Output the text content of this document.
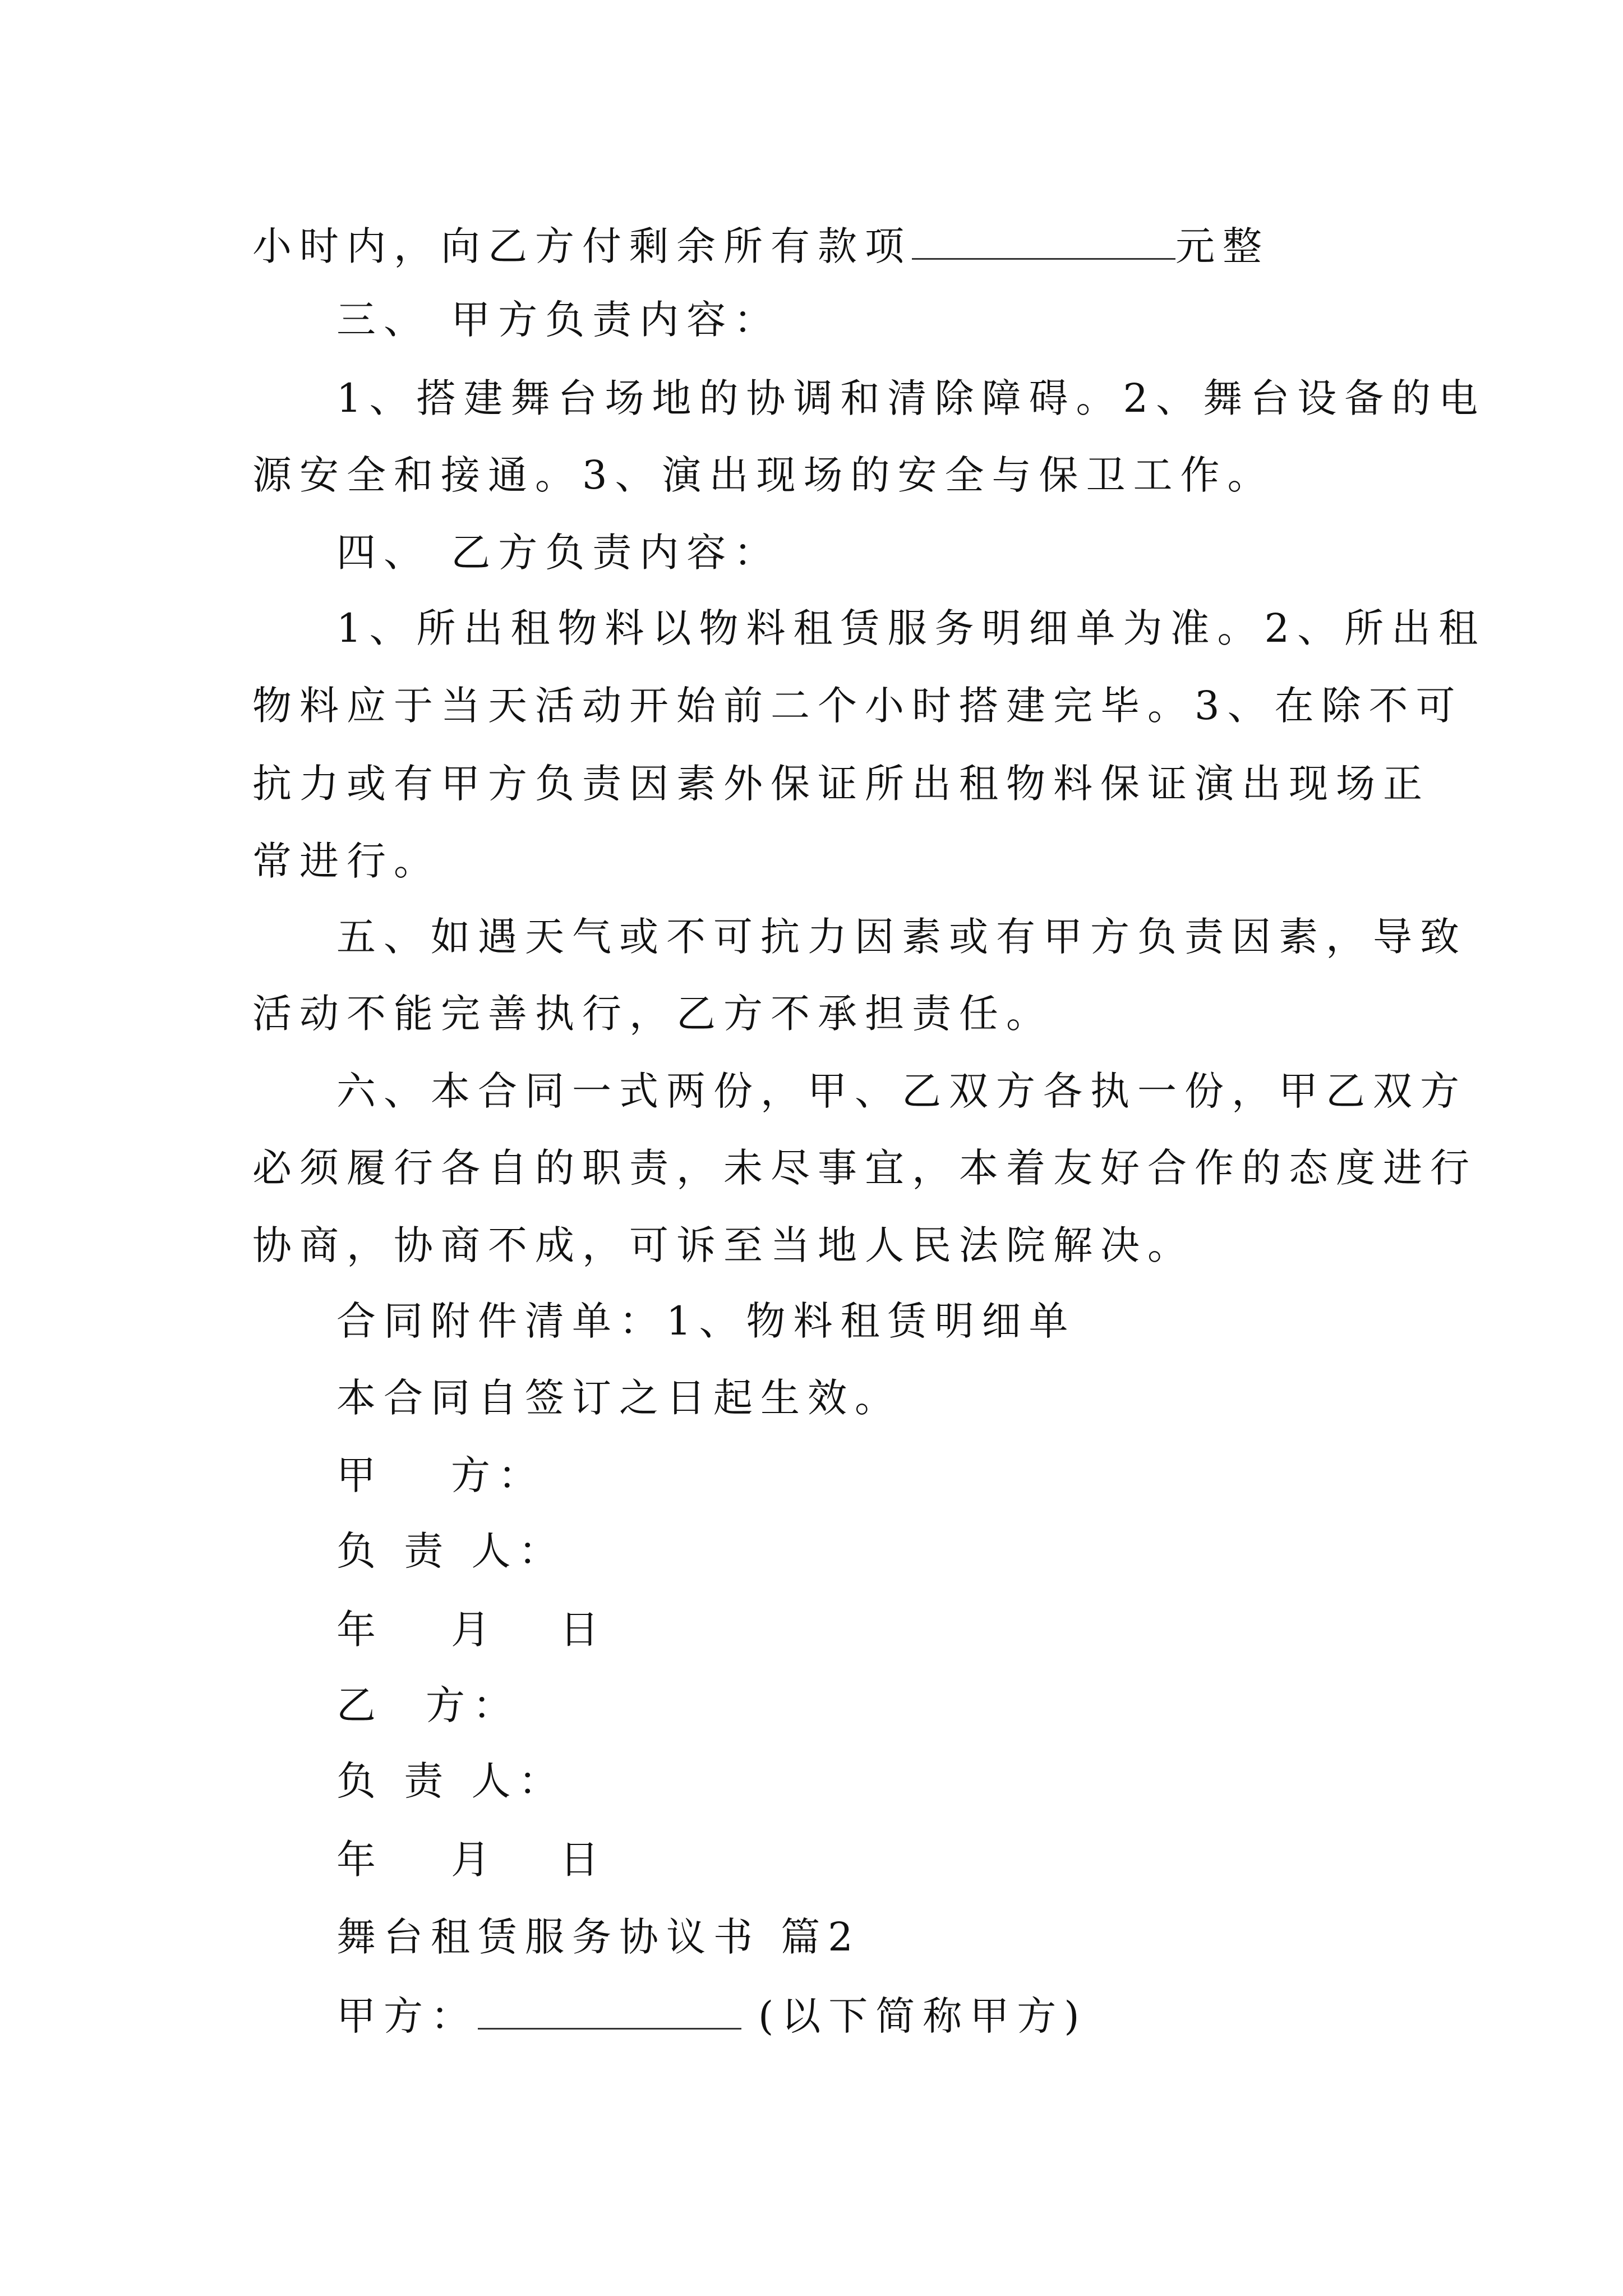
小时内，向乙方付剩余所有款项	元整
三、 甲方负责内容：
1、搭建舞台场地的协调和清除障碍。2、舞台设备的电
源安全和接通。3、演出现场的安全与保卫工作。
四、 乙方负责内容：
1、所出租物料以物料租赁服务明细单为准。2、所出租
物料应于当天活动开始前二个小时搭建完毕。3、在除不可
抗力或有甲方负责因素外保证所出租物料保证演出现场正
常进行。
五、如遇天气或不可抗力因素或有甲方负责因素，导致
活动不能完善执行，乙方不承担责任。
六、本合同一式两份，甲、乙双方各执一份，甲乙双方
必须履行各自的职责，未尽事宜，本着友好合作的态度进行
协商，协商不成，可诉至当地人民法院解决。
合同附件清单：1、物料租赁明细单
本合同自签订之日起生效。
甲 方：
负 责 人：
年 月 日
乙 方：
负 责 人：
年 月 日
舞台租赁服务协议书 篇2
甲方：	(以下简称甲方)
